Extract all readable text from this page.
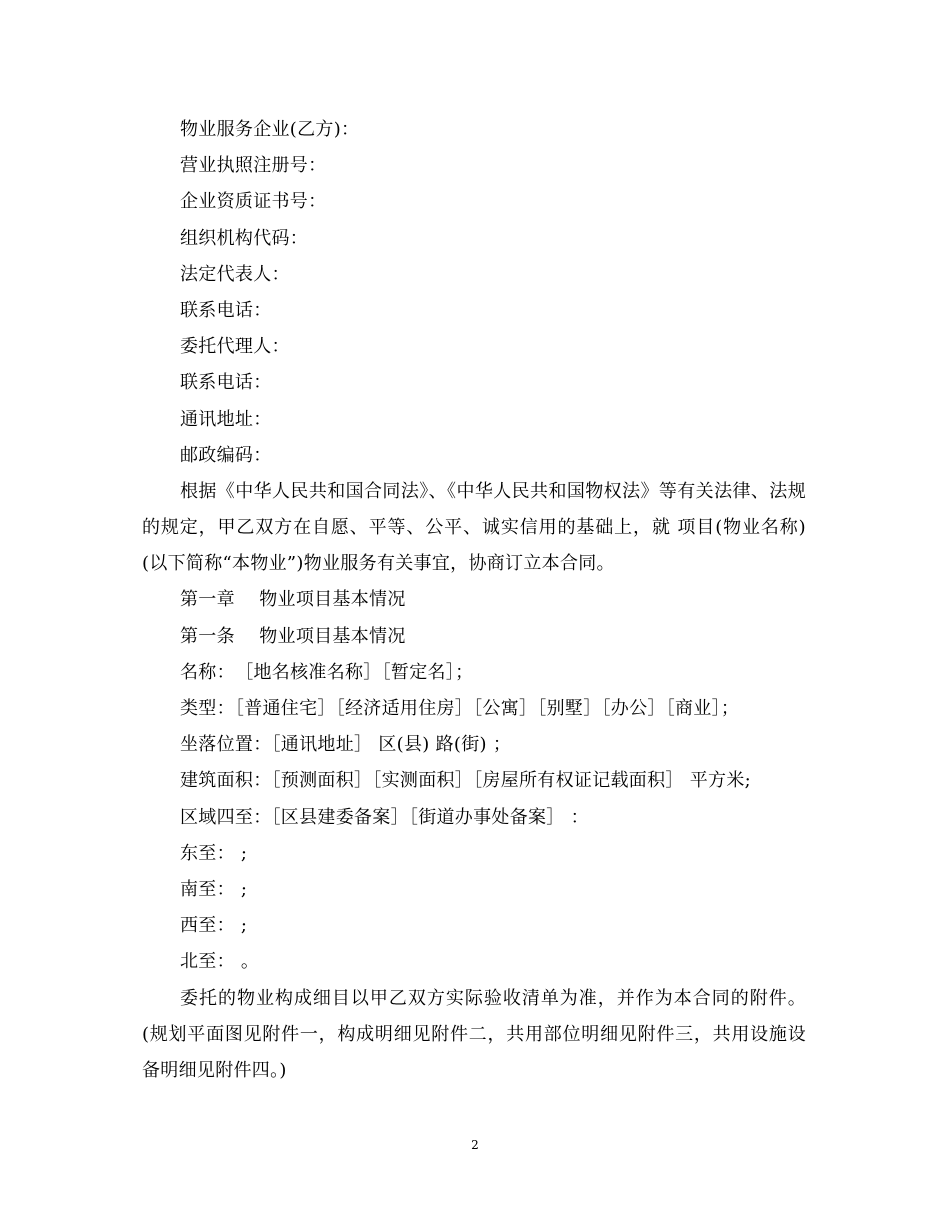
物业服务企业(乙方)：
营业执照注册号：
企业资质证书号：
组织机构代码：
法定代表人：
联系电话：
委托代理人：
联系电话：
通讯地址：
邮政编码：
根据《中华人民共和国合同法》、《中华人民共和国物权法》等有关法律、法规的规定，甲乙双方在自愿、平等、公平、诚实信用的基础上，就 项目(物业名称)(以下简称“本物业”)物业服务有关事宜，协商订立本合同。
第一章　 物业项目基本情况
第一条　 物业项目基本情况
名称：　［地名核准名称］［暂定名］；
类型：［普通住宅］［经济适用住房］［公寓］［别墅］［办公］［商业］；
坐落位置：［通讯地址］ 区(县) 路(街) ；
建筑面积：［预测面积］［实测面积］［房屋所有权证记载面积］ 平方米;
区域四至：［区县建委备案］［街道办事处备案］ ：
东至： ;
南至： ;
西至： ;
北至： 。
委托的物业构成细目以甲乙双方实际验收清单为准，并作为本合同的附件。(规划平面图见附件一，构成明细见附件二，共用部位明细见附件三，共用设施设备明细见附件四。)
2
